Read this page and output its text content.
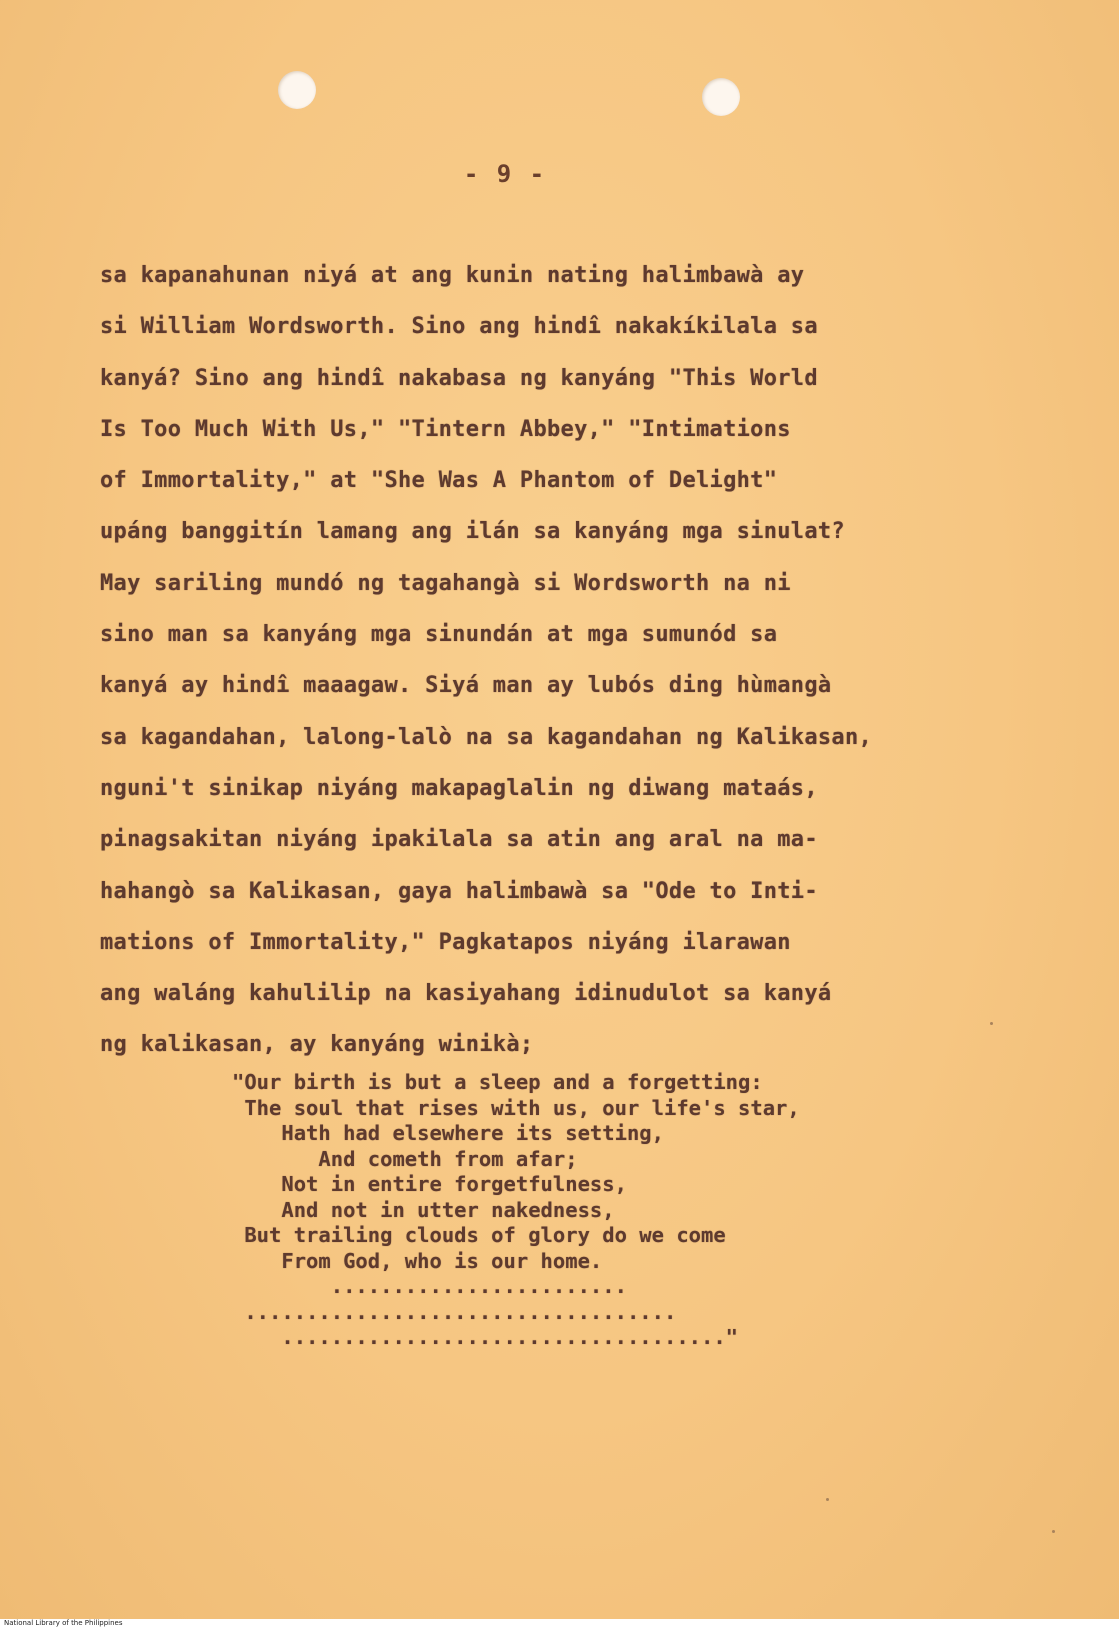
- 9 -
sa kapanahunan niyá at ang kunin nating halimbawà ay
si William Wordsworth. Sino ang hindî nakakíkilala sa
kanyá? Sino ang hindî nakabasa ng kanyáng "This World
Is Too Much With Us," "Tintern Abbey," "Intimations
of Immortality," at "She Was A Phantom of Delight"
upáng banggitín lamang ang ilán sa kanyáng mga sinulat?
May sariling mundó ng tagahangà si Wordsworth na ni
sino man sa kanyáng mga sinundán at mga sumunód sa
kanyá ay hindî maaagaw. Siyá man ay lubós ding hùmangà
sa kagandahan, lalong-lalò na sa kagandahan ng Kalikasan,
nguni't sinikap niyáng makapaglalin ng diwang mataás,
pinagsakitan niyáng ipakilala sa atin ang aral na ma-
hahangò sa Kalikasan, gaya halimbawà sa "Ode to Inti-
mations of Immortality," Pagkatapos niyáng ilarawan
ang waláng kahulilip na kasiyahang idinudulot sa kanyá
ng kalikasan, ay kanyáng winikà;
"Our birth is but a sleep and a forgetting:
The soul that rises with us, our life's star,
Hath had elsewhere its setting,
And cometh from afar;
Not in entire forgetfulness,
And not in utter nakedness,
But trailing clouds of glory do we come
From God, who is our home.
........................
...................................
...................................."
National Library of the Philippines
